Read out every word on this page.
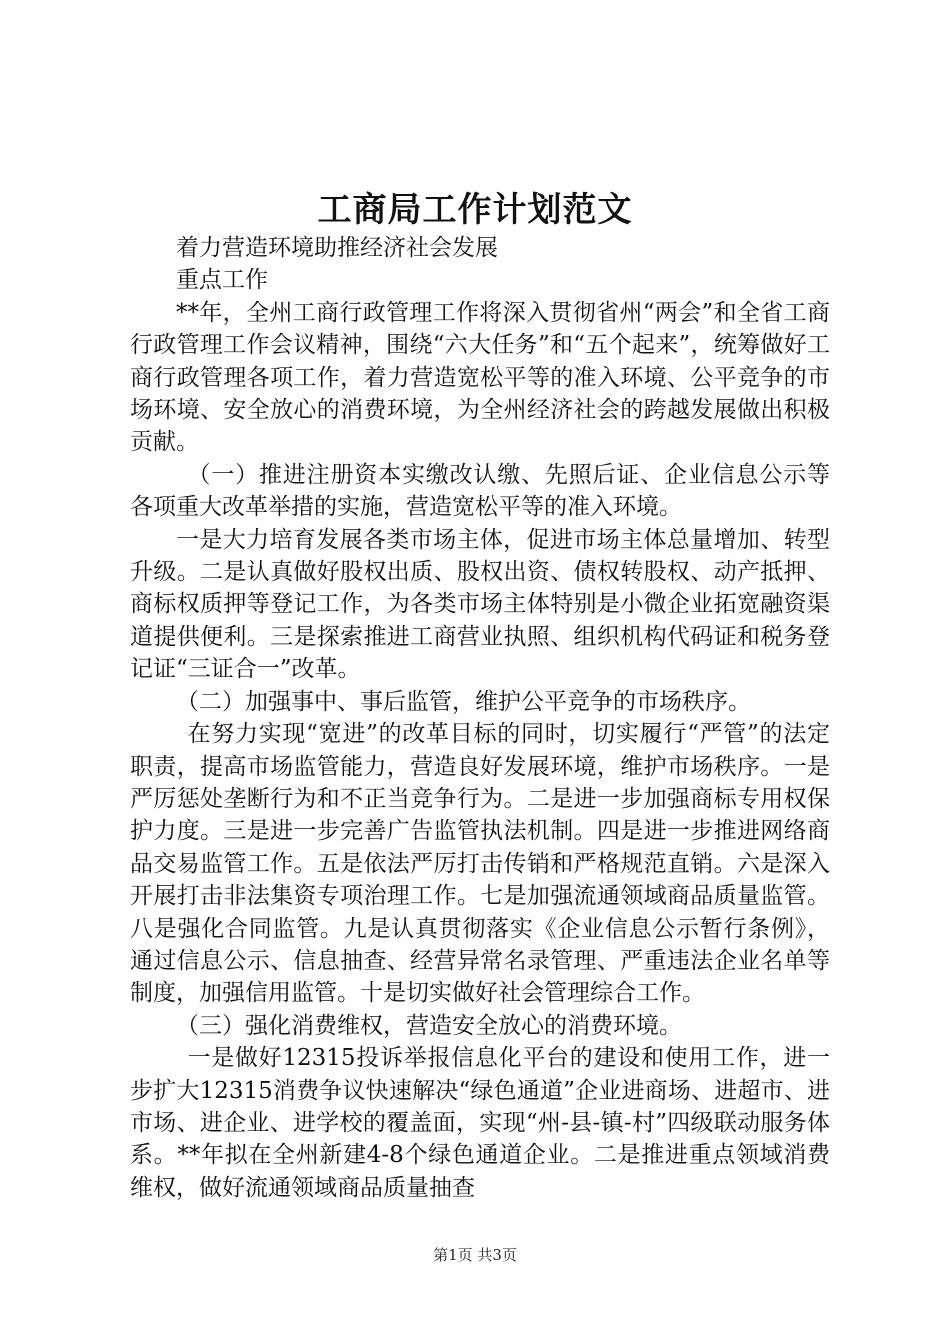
工商局工作计划范文

着力营造环境助推经济社会发展

重点工作

**年，全州工商行政管理工作将深入贯彻省州“两会”和全省工商行政管理工作会议精神，围绕“六大任务”和“五个起来”，统筹做好工商行政管理各项工作，着力营造宽松平等的准入环境、公平竞争的市场环境、安全放心的消费环境，为全州经济社会的跨越发展做出积极贡献。

（一）推进注册资本实缴改认缴、先照后证、企业信息公示等各项重大改革举措的实施，营造宽松平等的准入环境。

一是大力培育发展各类市场主体，促进市场主体总量增加、转型升级。二是认真做好股权出质、股权出资、债权转股权、动产抵押、商标权质押等登记工作，为各类市场主体特别是小微企业拓宽融资渠道提供便利。三是探索推进工商营业执照、组织机构代码证和税务登记证“三证合一”改革。

（二）加强事中、事后监管，维护公平竞争的市场秩序。

在努力实现“宽进”的改革目标的同时，切实履行“严管”的法定职责，提高市场监管能力，营造良好发展环境，维护市场秩序。一是严厉惩处垄断行为和不正当竞争行为。二是进一步加强商标专用权保护力度。三是进一步完善广告监管执法机制。四是进一步推进网络商品交易监管工作。五是依法严厉打击传销和严格规范直销。六是深入开展打击非法集资专项治理工作。七是加强流通领域商品质量监管。八是强化合同监管。九是认真贯彻落实《企业信息公示暂行条例》，通过信息公示、信息抽查、经营异常名录管理、严重违法企业名单等制度，加强信用监管。十是切实做好社会管理综合工作。

（三）强化消费维权，营造安全放心的消费环境。

一是做好12315投诉举报信息化平台的建设和使用工作，进一步扩大12315消费争议快速解决“绿色通道”企业进商场、进超市、进市场、进企业、进学校的覆盖面，实现“州-县-镇-村”四级联动服务体系。**年拟在全州新建4-8个绿色通道企业。二是推进重点领域消费维权，做好流通领域商品质量抽查

第1页 共3页
